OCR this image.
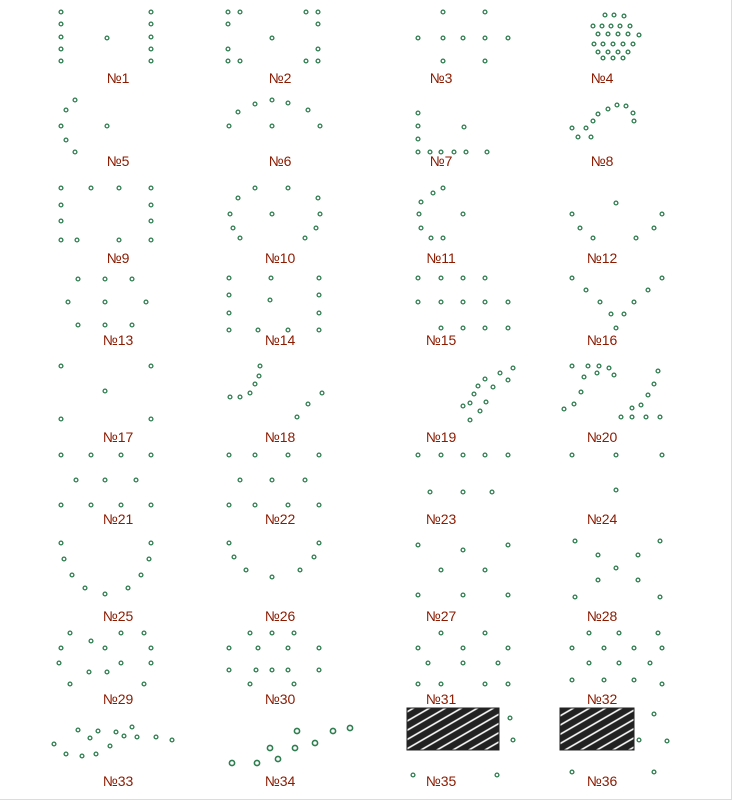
№1	№2	№3	№4
№5	№6	№7	№8
№9	№10	№11	№12
№13	№14	№15	№16
№17	№18	№19	№20
№21	№22	№23	№24
№25	№26	№27	№28
№29	№30	№31	№32
№33	№34	№35	№36
